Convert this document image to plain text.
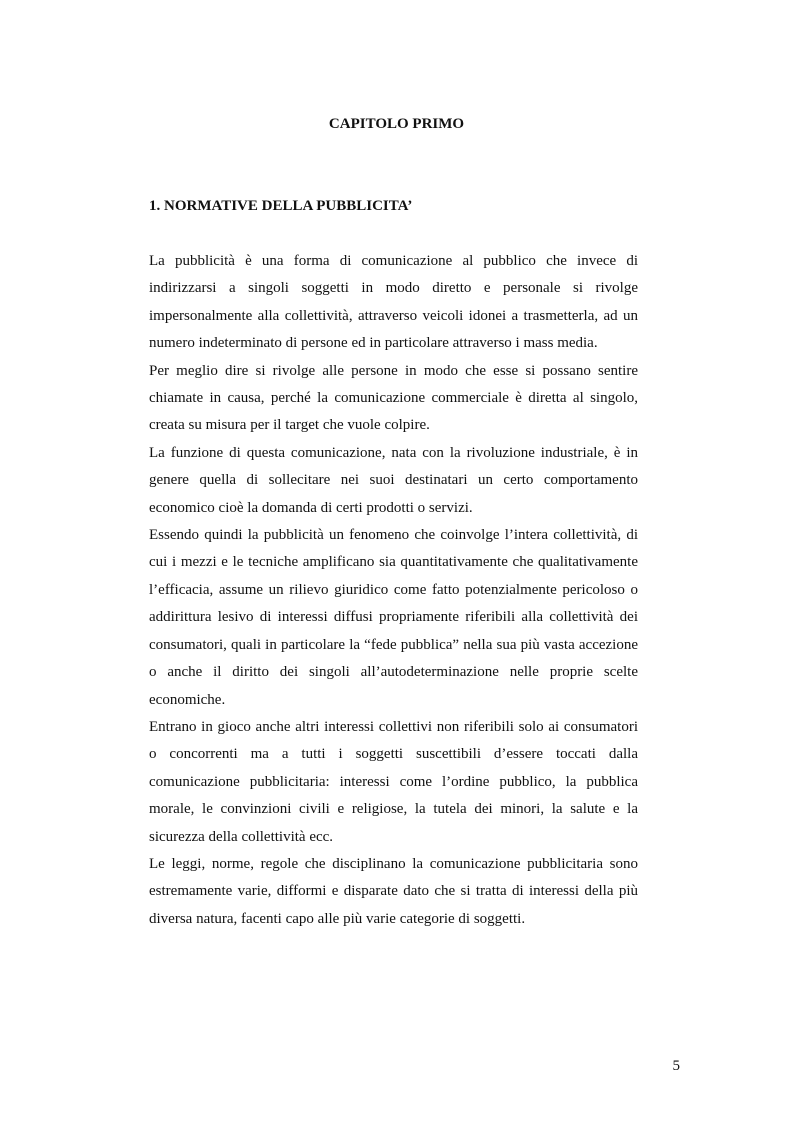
CAPITOLO PRIMO
1. NORMATIVE DELLA PUBBLICITA’

La pubblicità è una forma di comunicazione al pubblico che invece di indirizzarsi a singoli soggetti in modo diretto e personale si rivolge impersonalmente alla collettività, attraverso veicoli idonei a trasmetterla, ad un numero indeterminato di persone ed in particolare attraverso i mass media.

Per meglio dire si rivolge alle persone in modo che esse si possano sentire chiamate in causa, perché la comunicazione commerciale è diretta al singolo, creata su misura per il target che vuole colpire.

La funzione di questa comunicazione, nata con la rivoluzione industriale, è in genere quella di sollecitare nei suoi destinatari un certo comportamento economico cioè la domanda di certi prodotti o servizi.

Essendo quindi la pubblicità un fenomeno che coinvolge l’intera collettività, di cui i mezzi e le tecniche amplificano sia quantitativamente che qualitativamente l’efficacia, assume un rilievo giuridico come fatto potenzialmente pericoloso o addirittura lesivo di interessi diffusi propriamente riferibili alla collettività dei consumatori, quali in particolare la “fede pubblica” nella sua più vasta accezione o anche il diritto dei singoli all’autodeterminazione nelle proprie scelte economiche.

Entrano in gioco anche altri interessi collettivi non riferibili solo ai consumatori o concorrenti ma a tutti i soggetti suscettibili d’essere toccati dalla comunicazione pubblicitaria: interessi come l’ordine pubblico, la pubblica morale, le convinzioni civili e religiose, la tutela dei minori, la salute e la sicurezza della collettività ecc.

Le leggi, norme, regole che disciplinano la comunicazione pubblicitaria sono estremamente varie, difformi e disparate dato che si tratta di interessi della più diversa natura, facenti capo alle più varie categorie di soggetti.

5
